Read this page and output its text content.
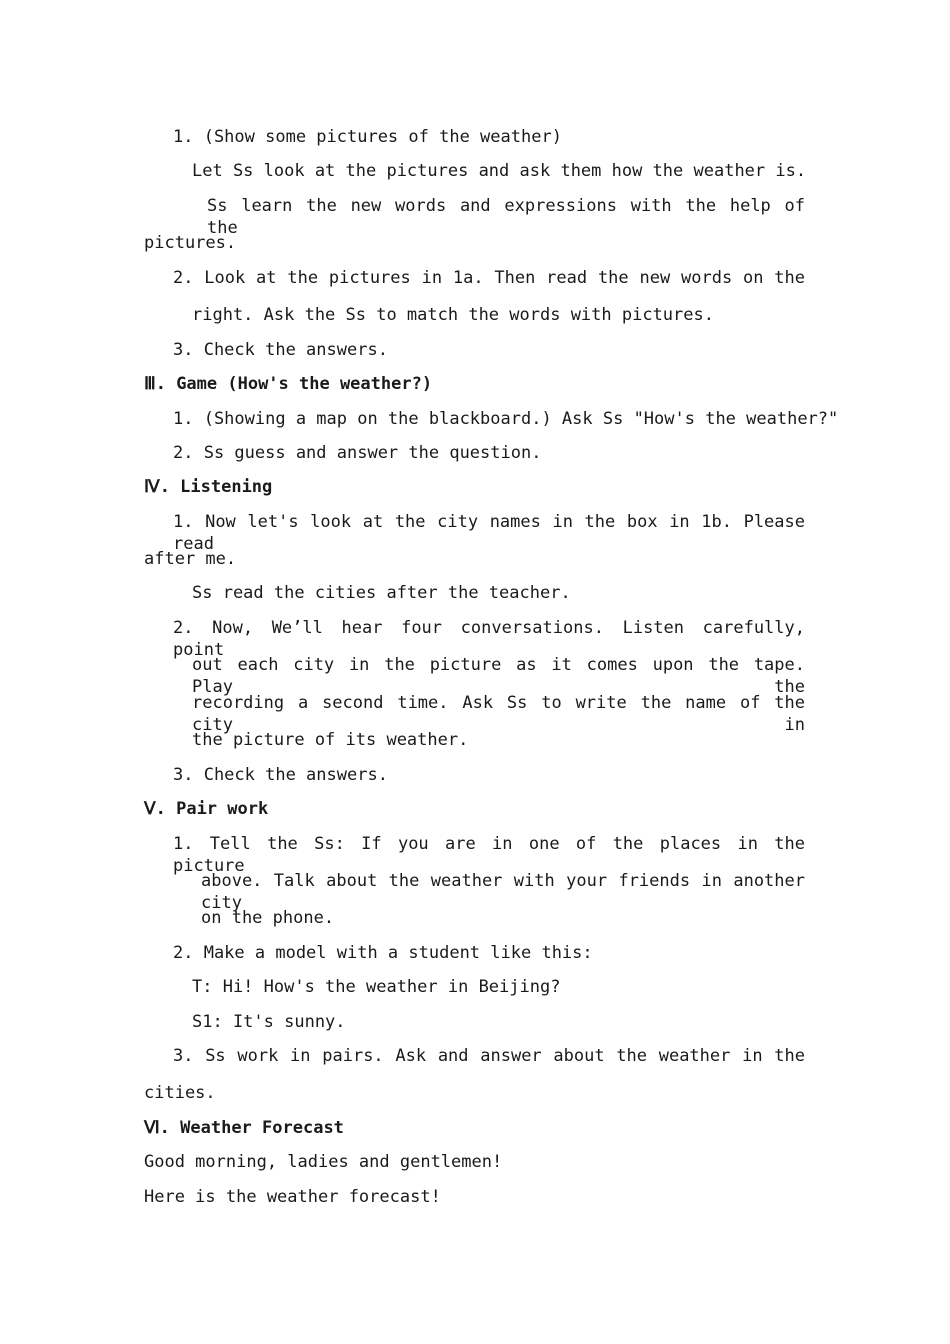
1. (Show some pictures of the weather)
Let Ss look at the pictures and ask them how the weather is.
Ss learn the new words and expressions with the help of the
pictures.
2. Look at the pictures in 1a. Then read the new words on the
right. Ask the Ss to match the words with pictures.
3. Check the answers.
Ⅲ. Game (How's the weather?)
1. (Showing a map on the blackboard.) Ask Ss "How's the weather?"
2. Ss guess and answer the question.
Ⅳ. Listening
1. Now let's look at the city names in the box in 1b. Please read
after me.
Ss read the cities after the teacher.
2. Now, We’ll hear four conversations. Listen carefully, point
out each city in the picture as it comes upon the tape. Play the
recording a second time. Ask Ss to write the name of the city in
the picture of its weather.
3. Check the answers.
Ⅴ. Pair work
1. Tell the Ss: If you are in one of the places in the picture
above. Talk about the weather with your friends in another city
on the phone.
2. Make a model with a student like this:
T: Hi! How's the weather in Beijing?
S1: It's sunny.
3. Ss work in pairs. Ask and answer about the weather in the
cities.
Ⅵ. Weather Forecast
Good morning, ladies and gentlemen!
Here is the weather forecast!
